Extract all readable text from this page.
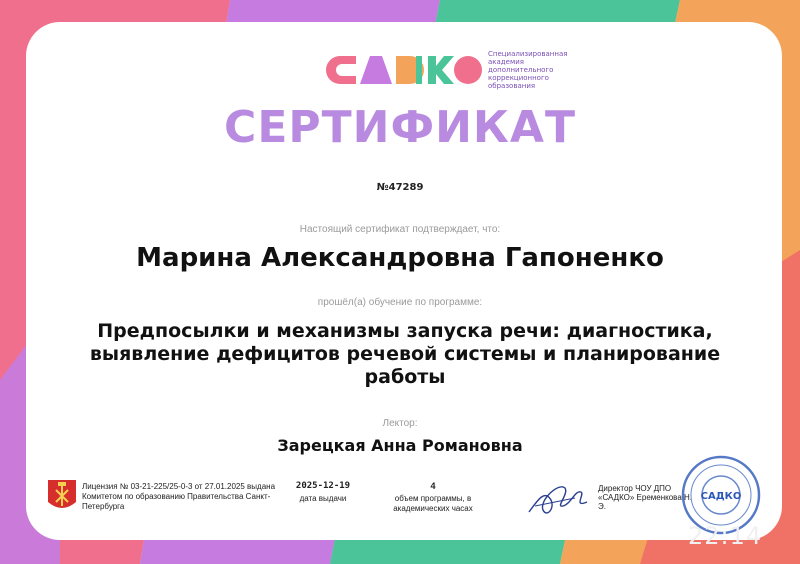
Специализированная академия дополнительного коррекционного образования
СЕРТИФИКАТ
№47289
Настоящий сертификат подтверждает, что:
Марина Александровна Гапоненко
прошёл(а) обучение по программе:
Предпосылки и механизмы запуска речи: диагностика, выявление дефицитов речевой системы и планирование работы
Лектор:
Зарецкая Анна Романовна
Лицензия № 03-21-225/25-0-3 от 27.01.2025 выдана Комитетом по образованию Правительства Санкт-Петербурга
2025-12-19
дата выдачи
4
объем программы, в академических часах
Директор ЧОУ ДПО «САДКО» Еременкова Н. Э.
САДКО
22:14
